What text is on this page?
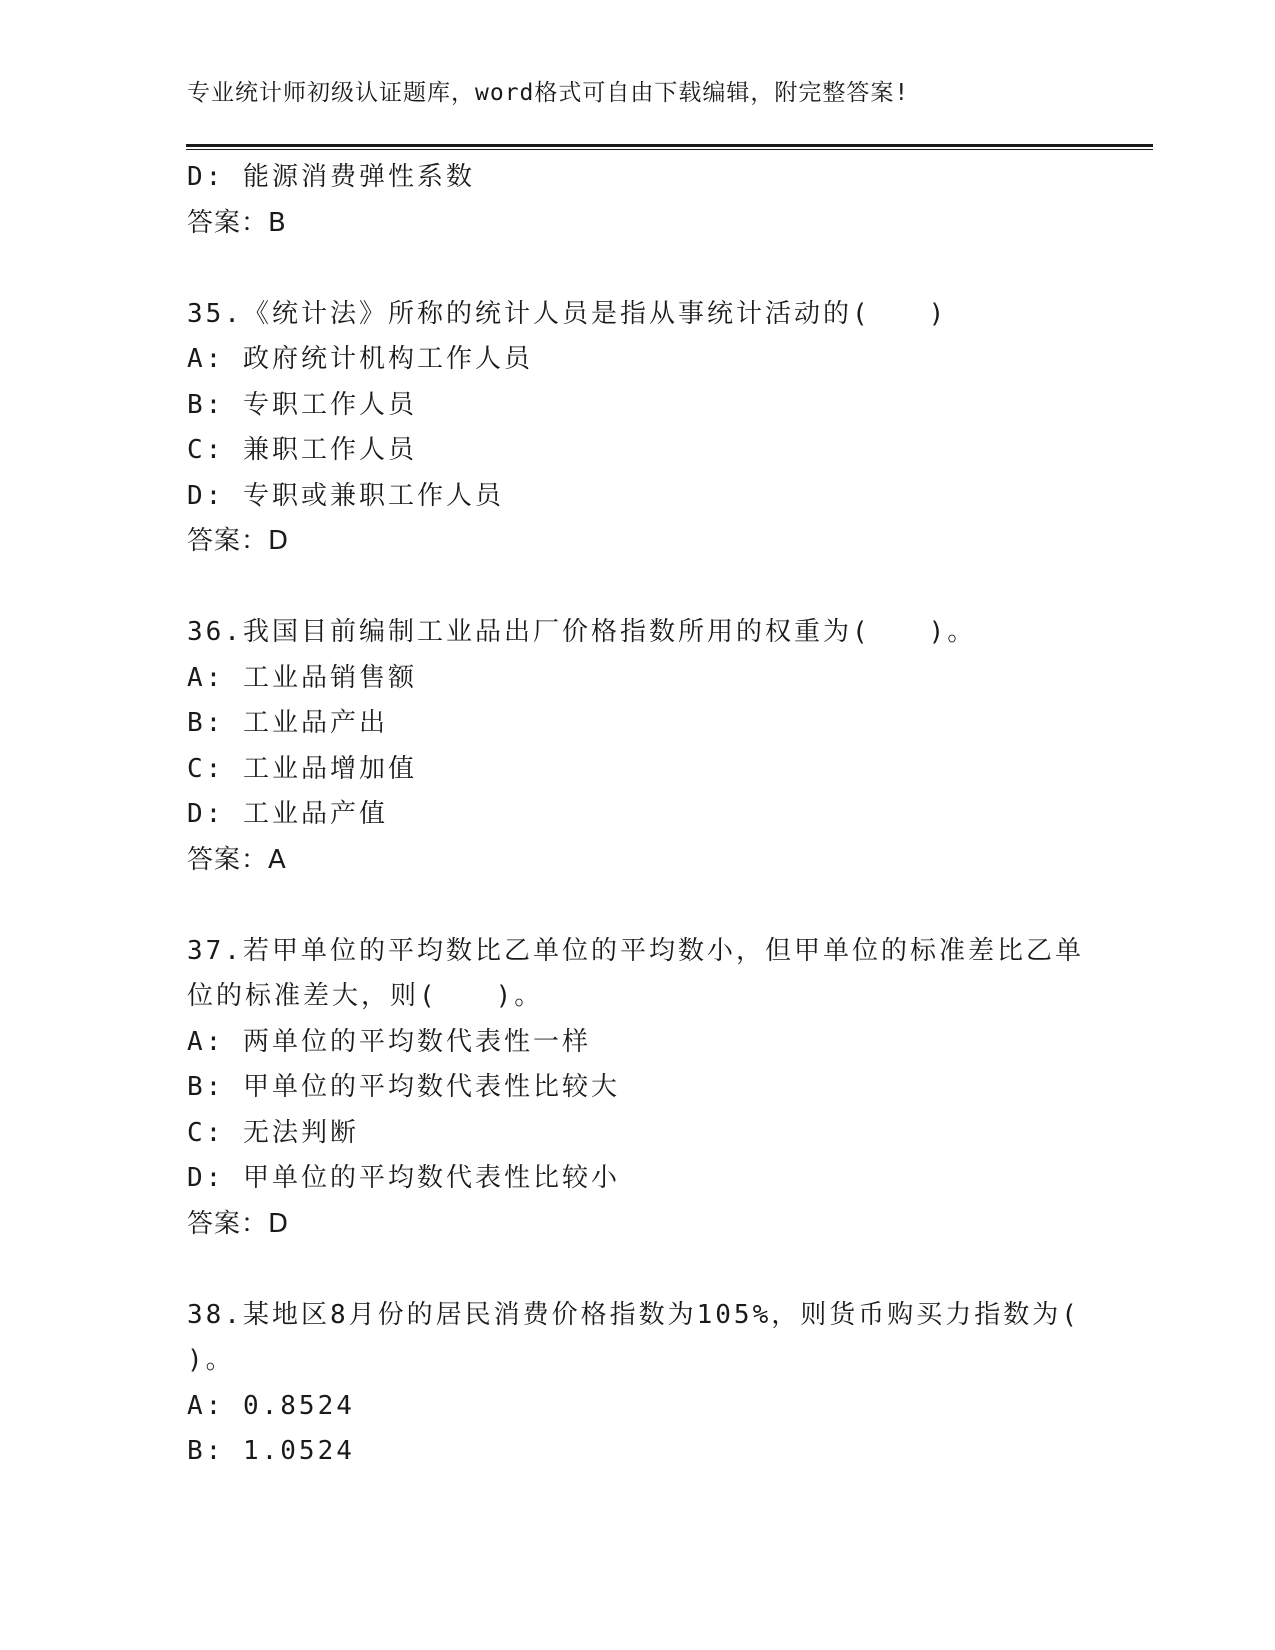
专业统计师初级认证题库，word格式可自由下载编辑，附完整答案!
D: 能源消费弹性系数
答案：B
35.《统计法》所称的统计人员是指从事统计活动的(　　)
A: 政府统计机构工作人员
B: 专职工作人员
C: 兼职工作人员
D: 专职或兼职工作人员
答案：D
36.我国目前编制工业品出厂价格指数所用的权重为(　　)。
A: 工业品销售额
B: 工业品产出
C: 工业品增加值
D: 工业品产值
答案：A
37.若甲单位的平均数比乙单位的平均数小，但甲单位的标准差比乙单
位的标准差大，则(　　)。
A: 两单位的平均数代表性一样
B: 甲单位的平均数代表性比较大
C: 无法判断
D: 甲单位的平均数代表性比较小
答案：D
38.某地区8月份的居民消费价格指数为105%，则货币购买力指数为(
)。
A: 0.8524
B: 1.0524
